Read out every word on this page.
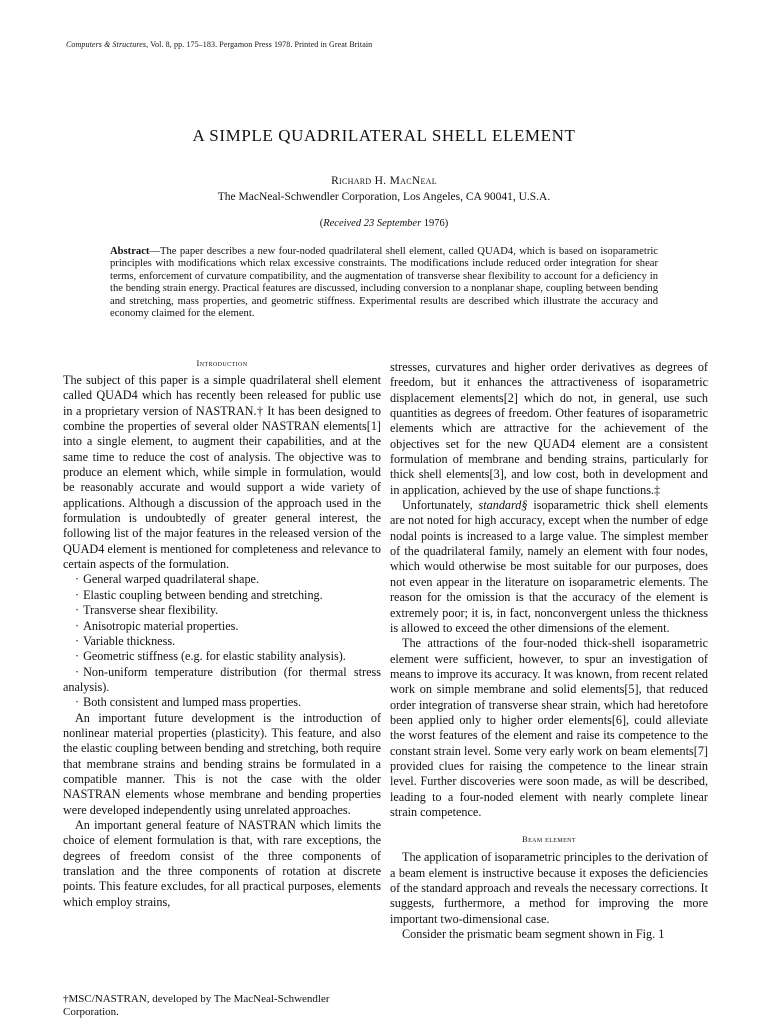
Computers & Structures, Vol. 8, pp. 175–183. Pergamon Press 1978. Printed in Great Britain
A SIMPLE QUADRILATERAL SHELL ELEMENT
Richard H. MacNeal
The MacNeal-Schwendler Corporation, Los Angeles, CA 90041, U.S.A.
(Received 23 September 1976)
Abstract—The paper describes a new four-noded quadrilateral shell element, called QUAD4, which is based on isoparametric principles with modifications which relax excessive constraints. The modifications include reduced order integration for shear terms, enforcement of curvature compatibility, and the augmentation of transverse shear flexibility to account for a deficiency in the bending strain energy. Practical features are discussed, including conversion to a nonplanar shape, coupling between bending and stretching, mass properties, and geometric stiffness. Experimental results are described which illustrate the accuracy and economy claimed for the element.
Introduction

The subject of this paper is a simple quadrilateral shell element called QUAD4 which has recently been released for public use in a proprietary version of NASTRAN.† It has been designed to combine the properties of several older NASTRAN elements[1] into a single element, to augment their capabilities, and at the same time to reduce the cost of analysis. The objective was to produce an element which, while simple in formulation, would be reasonably accurate and would support a wide variety of applications. Although a discussion of the approach used in the formulation is undoubtedly of greater general interest, the following list of the major features in the released version of the QUAD4 element is mentioned for completeness and relevance to certain aspects of the formulation.

· General warped quadrilateral shape.
· Elastic coupling between bending and stretching.
· Transverse shear flexibility.
· Anisotropic material properties.
· Variable thickness.
· Geometric stiffness (e.g. for elastic stability analysis).
· Non-uniform temperature distribution (for thermal stress analysis).
· Both consistent and lumped mass properties.

An important future development is the introduction of nonlinear material properties (plasticity). This feature, and also the elastic coupling between bending and stretching, both require that membrane strains and bending strains be formulated in a compatible manner. This is not the case with the older NASTRAN elements whose membrane and bending properties were developed independently using unrelated approaches.

An important general feature of NASTRAN which limits the choice of element formulation is that, with rare exceptions, the degrees of freedom consist of the three components of translation and the three components of rotation at discrete points. This feature excludes, for all practical purposes, elements which employ strains,

stresses, curvatures and higher order derivatives as degrees of freedom, but it enhances the attractiveness of isoparametric displacement elements[2] which do not, in general, use such quantities as degrees of freedom. Other features of isoparametric elements which are attractive for the achievement of the objectives set for the new QUAD4 element are a consistent formulation of membrane and bending strains, particularly for thick shell elements[3], and low cost, both in development and in application, achieved by the use of shape functions.‡

Unfortunately, standard§ isoparametric thick shell elements are not noted for high accuracy, except when the number of edge nodal points is increased to a large value. The simplest member of the quadrilateral family, namely an element with four nodes, which would otherwise be most suitable for our purposes, does not even appear in the literature on isoparametric elements. The reason for the omission is that the accuracy of the element is extremely poor; it is, in fact, nonconvergent unless the thickness is allowed to exceed the other dimensions of the element.

The attractions of the four-noded thick-shell isoparametric element were sufficient, however, to spur an investigation of means to improve its accuracy. It was known, from recent related work on simple membrane and solid elements[5], that reduced order integration of transverse shear strain, which had heretofore been applied only to higher order elements[6], could alleviate the worst features of the element and raise its competence to the constant strain level. Some very early work on beam elements[7] provided clues for raising the competence to the linear strain level. Further discoveries were soon made, as will be described, leading to a four-noded element with nearly complete linear strain competence.

Beam element

The application of isoparametric principles to the derivation of a beam element is instructive because it exposes the deficiencies of the standard approach and reveals the necessary corrections. It suggests, furthermore, a method for improving the more important two-dimensional case.

Consider the prismatic beam segment shown in Fig. 1

†MSC/NASTRAN, developed by The MacNeal-Schwendler Corporation.
